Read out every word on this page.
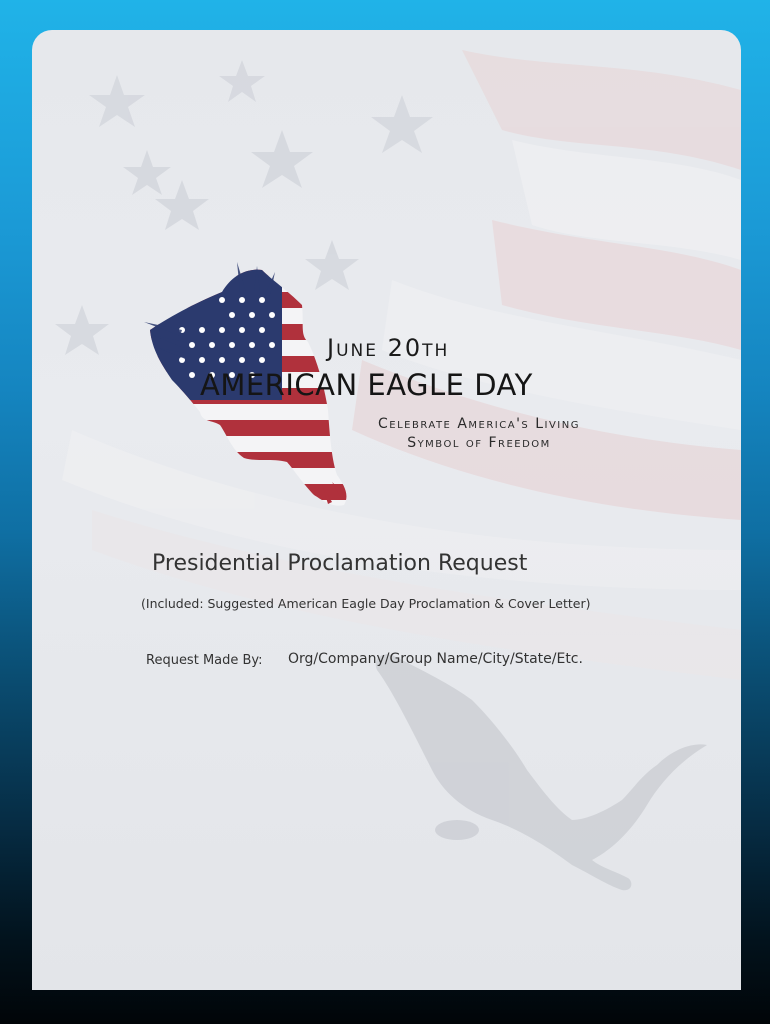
June 20th
AMERICAN EAGLE DAY
Celebrate America's Living
Symbol of Freedom
Presidential Proclamation Request
(Included: Suggested American Eagle Day Proclamation & Cover Letter)
Request Made By: Org/Company/Group Name/City/State/Etc.
